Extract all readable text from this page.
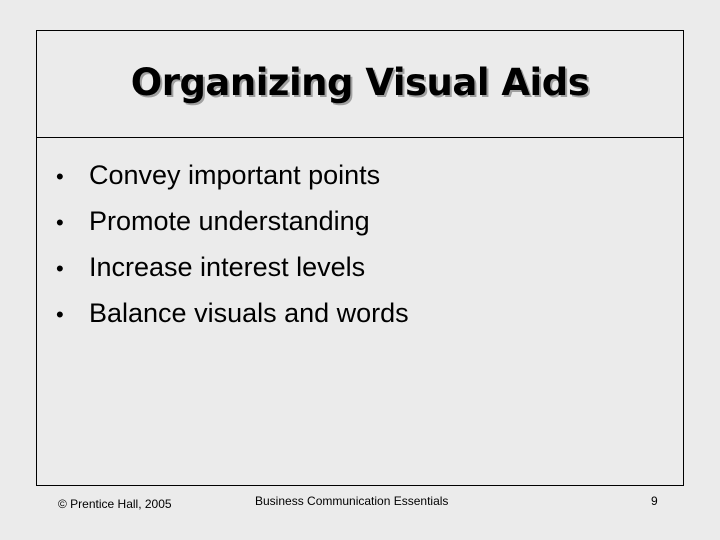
Organizing Visual Aids
• Convey important points
• Promote understanding
• Increase interest levels
• Balance visuals and words
© Prentice Hall, 2005	Business Communication Essentials	9
